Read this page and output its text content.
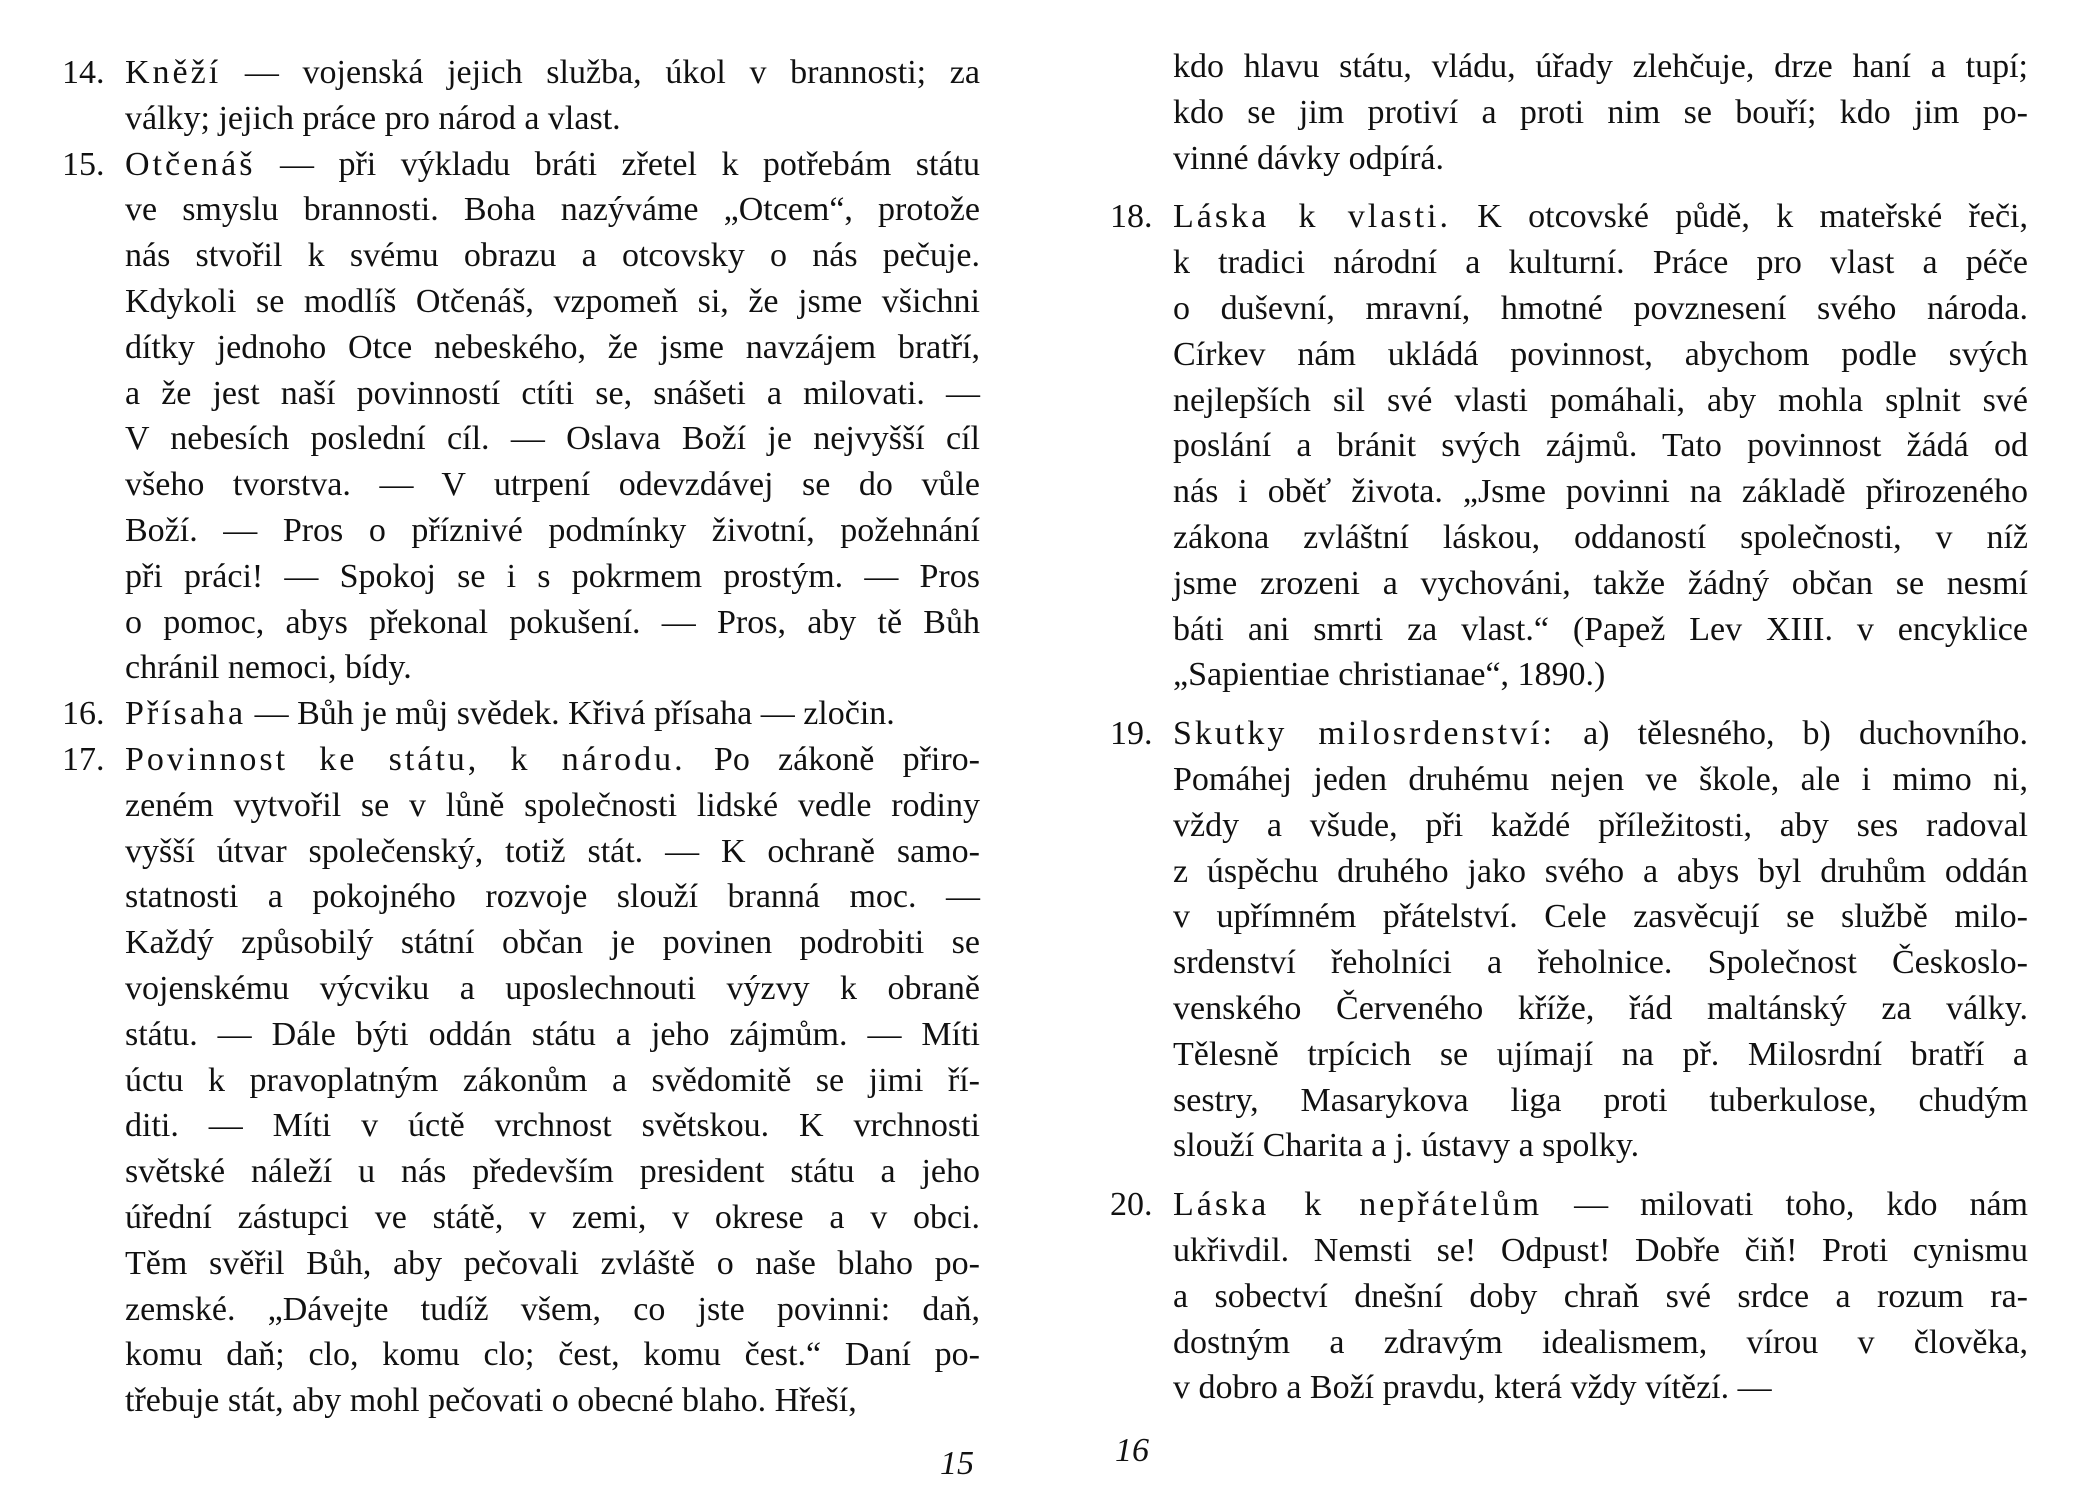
14. Kněží — vojenská jejich služba, úkol v brannosti; za
války; jejich práce pro národ a vlast.
15. Otčenáš — při výkladu bráti zřetel k potřebám státu
ve smyslu brannosti. Boha nazýváme „Otcem“, protože
nás stvořil k svému obrazu a otcovsky o nás pečuje.
Kdykoli se modlíš Otčenáš, vzpomeň si, že jsme všichni
dítky jednoho Otce nebeského, že jsme navzájem bratří,
a že jest naší povinností ctíti se, snášeti a milovati. —
V nebesích poslední cíl. — Oslava Boží je nejvyšší cíl
všeho tvorstva. — V utrpení odevzdávej se do vůle
Boží. — Pros o příznivé podmínky životní, požehnání
při práci! — Spokoj se i s pokrmem prostým. — Pros
o pomoc, abys překonal pokušení. — Pros, aby tě Bůh
chránil nemoci, bídy.
16. Přísaha — Bůh je můj svědek. Křivá přísaha — zločin.
17. Povinnost ke státu, k národu. Po zákoně přiro-
zeném vytvořil se v lůně společnosti lidské vedle rodiny
vyšší útvar společenský, totiž stát. — K ochraně samo-
statnosti a pokojného rozvoje slouží branná moc. —
Každý způsobilý státní občan je povinen podrobiti se
vojenskému výcviku a uposlechnouti výzvy k obraně
státu. — Dále býti oddán státu a jeho zájmům. — Míti
úctu k pravoplatným zákonům a svědomitě se jimi ří-
diti. — Míti v úctě vrchnost světskou. K vrchnosti
světské náleží u nás především president státu a jeho
úřední zástupci ve státě, v zemi, v okrese a v obci.
Těm svěřil Bůh, aby pečovali zvláště o naše blaho po-
zemské. „Dávejte tudíž všem, co jste povinni: daň,
komu daň; clo, komu clo; čest, komu čest.“ Daní po-
třebuje stát, aby mohl pečovati o obecné blaho. Hřeší,
kdo hlavu státu, vládu, úřady zlehčuje, drze haní a tupí;
kdo se jim protiví a proti nim se bouří; kdo jim po-
vinné dávky odpírá.
18. Láska k vlasti. K otcovské půdě, k mateřské řeči,
k tradici národní a kulturní. Práce pro vlast a péče
o duševní, mravní, hmotné povznesení svého národa.
Církev nám ukládá povinnost, abychom podle svých
nejlepších sil své vlasti pomáhali, aby mohla splnit své
poslání a bránit svých zájmů. Tato povinnost žádá od
nás i oběť života. „Jsme povinni na základě přirozeného
zákona zvláštní láskou, oddaností společnosti, v níž
jsme zrozeni a vychováni, takže žádný občan se nesmí
báti ani smrti za vlast.“ (Papež Lev XIII. v encyklice
„Sapientiae christianae“, 1890.)
19. Skutky milosrdenství: a) tělesného, b) duchovního.
Pomáhej jeden druhému nejen ve škole, ale i mimo ni,
vždy a všude, při každé příležitosti, aby ses radoval
z úspěchu druhého jako svého a abys byl druhům oddán
v upřímném přátelství. Cele zasvěcují se službě milo-
srdenství řeholníci a řeholnice. Společnost Českoslo-
venského Červeného kříže, řád maltánský za války.
Tělesně trpícich se ujímají na př. Milosrdní bratří a
sestry, Masarykova liga proti tuberkulose, chudým
slouží Charita a j. ústavy a spolky.
20. Láska k nepřátelům — milovati toho, kdo nám
ukřivdil. Nemsti se! Odpust! Dobře čiň! Proti cynismu
a sobectví dnešní doby chraň své srdce a rozum ra-
dostným a zdravým idealismem, vírou v člověka,
v dobro a Boží pravdu, která vždy vítězí. —
15	16
